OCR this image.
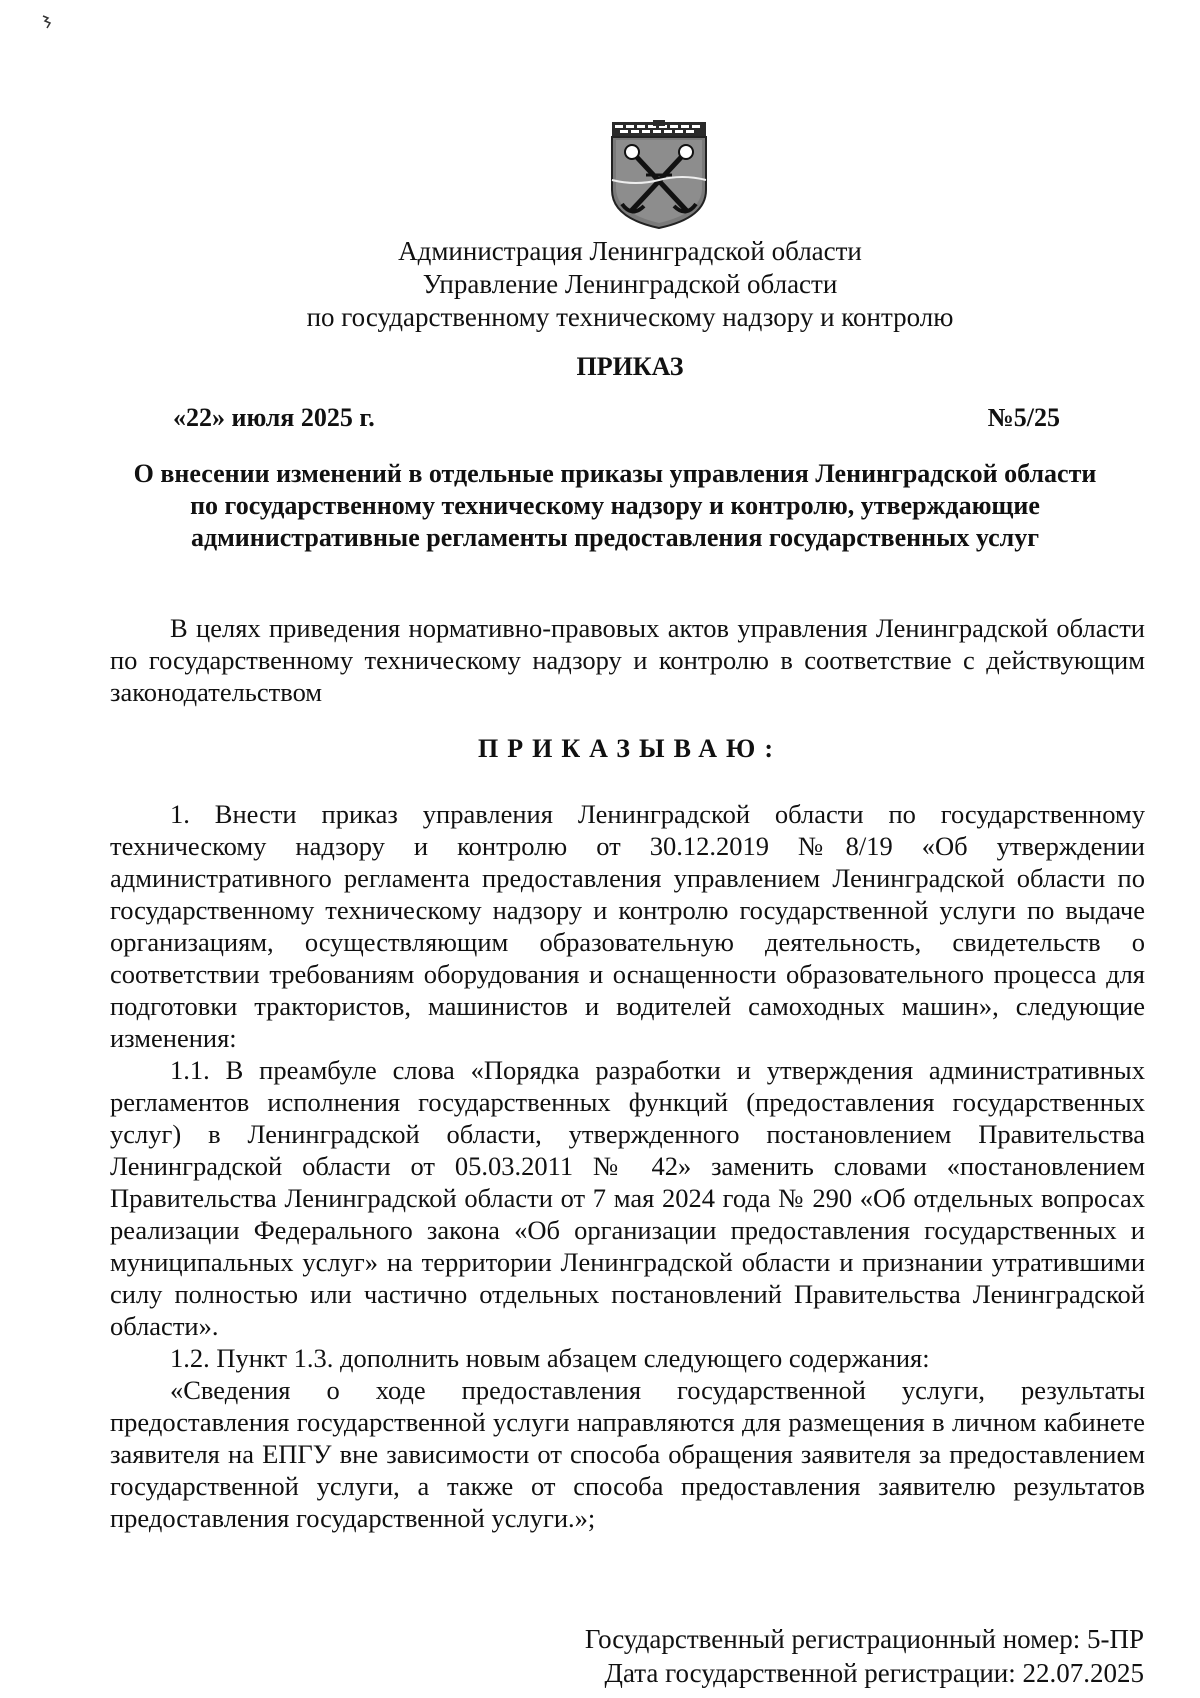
Администрация Ленинградской области
Управление Ленинградской области
по государственному техническому надзору и контролю
ПРИКАЗ
«22» июля 2025 г.	№5/25
О внесении изменений в отдельные приказы управления Ленинградской области по государственному техническому надзору и контролю, утверждающие административные регламенты предоставления государственных услуг
В целях приведения нормативно-правовых актов управления Ленинградской области по государственному техническому надзору и контролю в соответствие с действующим законодательством
ПРИКАЗЫВАЮ:

1. Внести приказ управления Ленинградской области по государственному техническому надзору и контролю от 30.12.2019 №8/19 «Об утверждении административного регламента предоставления управлением Ленинградской области по государственному техническому надзору и контролю государственной услуги по выдаче организациям, осуществляющим образовательную деятельность, свидетельств о соответствии требованиям оборудования и оснащенности образовательного процесса для подготовки трактористов, машинистов и водителей самоходных машин», следующие изменения:

1.1. В преамбуле слова «Порядка разработки и утверждения административных регламентов исполнения государственных функций (предоставления государственных услуг) в Ленинградской области, утвержденного постановлением Правительства Ленинградской области от 05.03.2011 № 42» заменить словами «постановлением Правительства Ленинградской области от 7 мая 2024 года № 290 «Об отдельных вопросах реализации Федерального закона «Об организации предоставления государственных и муниципальных услуг» на территории Ленинградской области и признании утратившими силу полностью или частично отдельных постановлений Правительства Ленинградской области».

1.2. Пункт 1.3. дополнить новым абзацем следующего содержания:

«Сведения о ходе предоставления государственной услуги, результаты предоставления государственной услуги направляются для размещения в личном кабинете заявителя на ЕПГУ вне зависимости от способа обращения заявителя за предоставлением государственной услуги, а также от способа предоставления заявителю результатов предоставления государственной услуги.»;

Государственный регистрационный номер: 5-ПР
Дата государственной регистрации: 22.07.2025
